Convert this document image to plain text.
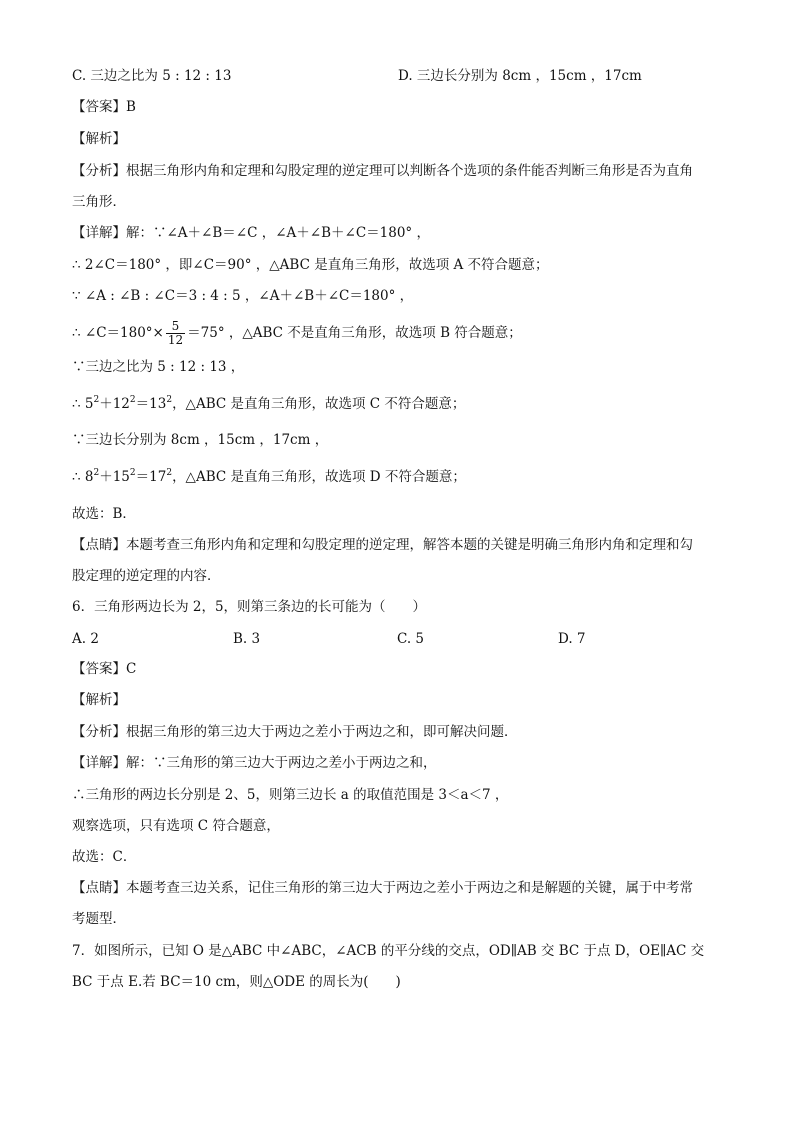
C. 三边之比为 5 : 12 : 13	D. 三边长分别为 8cm ，15cm ，17cm
【答案】B
【解析】
【分析】根据三角形内角和定理和勾股定理的逆定理可以判断各个选项的条件能否判断三角形是否为直角
三角形．
【详解】解：∵∠A＋∠B＝∠C ，∠A＋∠B＋∠C＝180° ，
∴ 2∠C＝180° ，即∠C＝90° ，△ABC 是直角三角形，故选项 A 不符合题意；
∵ ∠A : ∠B : ∠C＝3 : 4 : 5 ，∠A＋∠B＋∠C＝180° ，
∴ ∠C＝180°× $\frac{5}{12} =75^\circ$ ，△ABC 不是直角三角形，故选项 B 符合题意；
∵三边之比为 5 : 12 : 13 ，
∴ $5^2+12^2=13^2$，△ABC 是直角三角形，故选项 C 不符合题意；
∵三边长分别为 8cm ，15cm ，17cm ，
∴ $8^2+15^2=17^2$，△ABC 是直角三角形，故选项 D 不符合题意；
故选：B．
【点睛】本题考查三角形内角和定理和勾股定理的逆定理，解答本题的关键是明确三角形内角和定理和勾
股定理的逆定理的内容．
6．三角形两边长为 2，5，则第三条边的长可能为（　　）
A. 2	B. 3	C. 5	D. 7
【答案】C
【解析】
【分析】根据三角形的第三边大于两边之差小于两边之和，即可解决问题．
【详解】解：∵三角形的第三边大于两边之差小于两边之和，
∴三角形的两边长分别是 2、5，则第三边长 a 的取值范围是 3＜a＜7 ，
观察选项，只有选项 C 符合题意，
故选：C．
【点睛】本题考查三边关系，记住三角形的第三边大于两边之差小于两边之和是解题的关键，属于中考常
考题型．
7．如图所示，已知 O 是△ABC 中∠ABC，∠ACB 的平分线的交点，OD∥AB 交 BC 于点 D，OE∥AC 交
BC 于点 E.若 BC＝10 cm，则△ODE 的周长为(　　)
